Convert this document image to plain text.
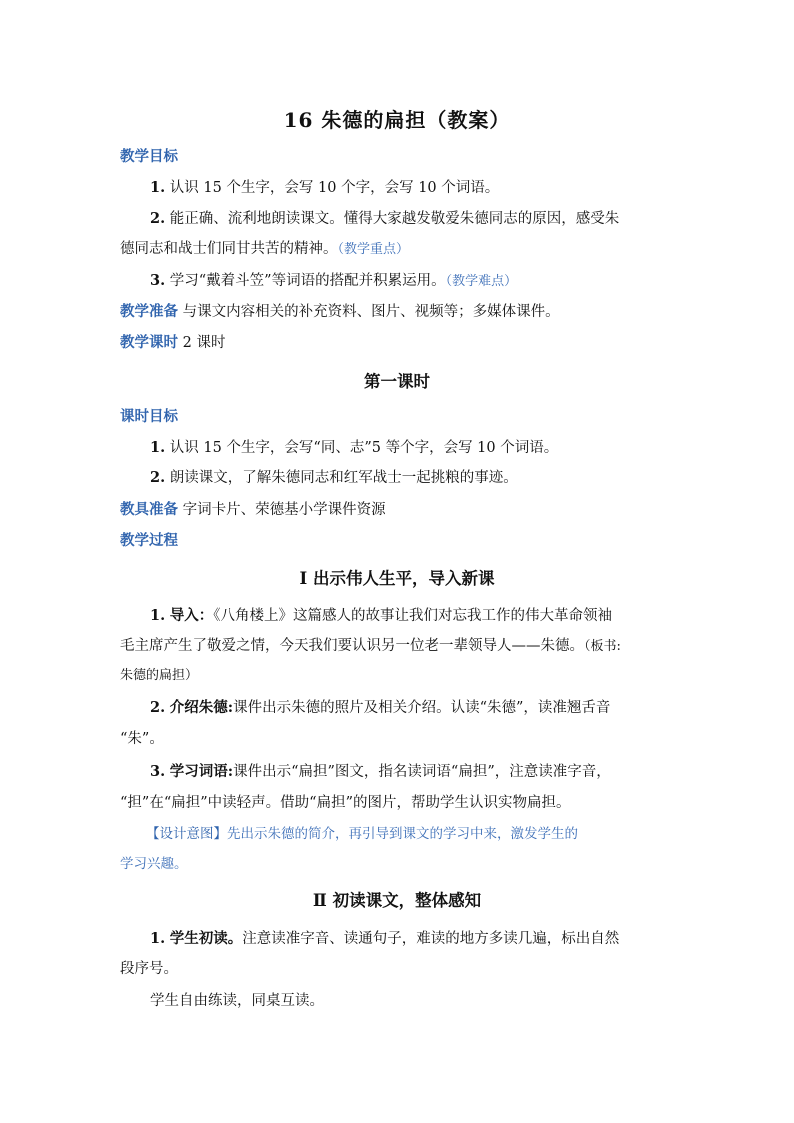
16 朱德的扁担（教案）
教学目标
1. 认识 15 个生字，会写 10 个字，会写 10 个词语。
2. 能正确、流利地朗读课文。懂得大家越发敬爱朱德同志的原因，感受朱
德同志和战士们同甘共苦的精神。（教学重点）
3. 学习“戴着斗笠”等词语的搭配并积累运用。（教学难点）
教学准备 与课文内容相关的补充资料、图片、视频等；多媒体课件。
教学课时 2 课时
第一课时
课时目标
1. 认识 15 个生字，会写“同、志”5 等个字，会写 10 个词语。
2. 朗读课文，了解朱德同志和红军战士一起挑粮的事迹。
教具准备 字词卡片、荣德基小学课件资源
教学过程
Ⅰ 出示伟人生平，导入新课
1. 导入：《八角楼上》这篇感人的故事让我们对忘我工作的伟大革命领袖
毛主席产生了敬爱之情，今天我们要认识另一位老一辈领导人——朱德。（板书:
朱德的扁担）
2. 介绍朱德:课件出示朱德的照片及相关介绍。认读“朱德”，读准翘舌音
“朱”。
3. 学习词语:课件出示“扁担”图文，指名读词语“扁担”，注意读准字音，
“担”在“扁担”中读轻声。借助“扁担”的图片，帮助学生认识实物扁担。
【设计意图】先出示朱德的简介，再引导到课文的学习中来，激发学生的
学习兴趣。
Ⅱ 初读课文，整体感知
1. 学生初读。注意读准字音、读通句子，难读的地方多读几遍，标出自然
段序号。
学生自由练读，同桌互读。
